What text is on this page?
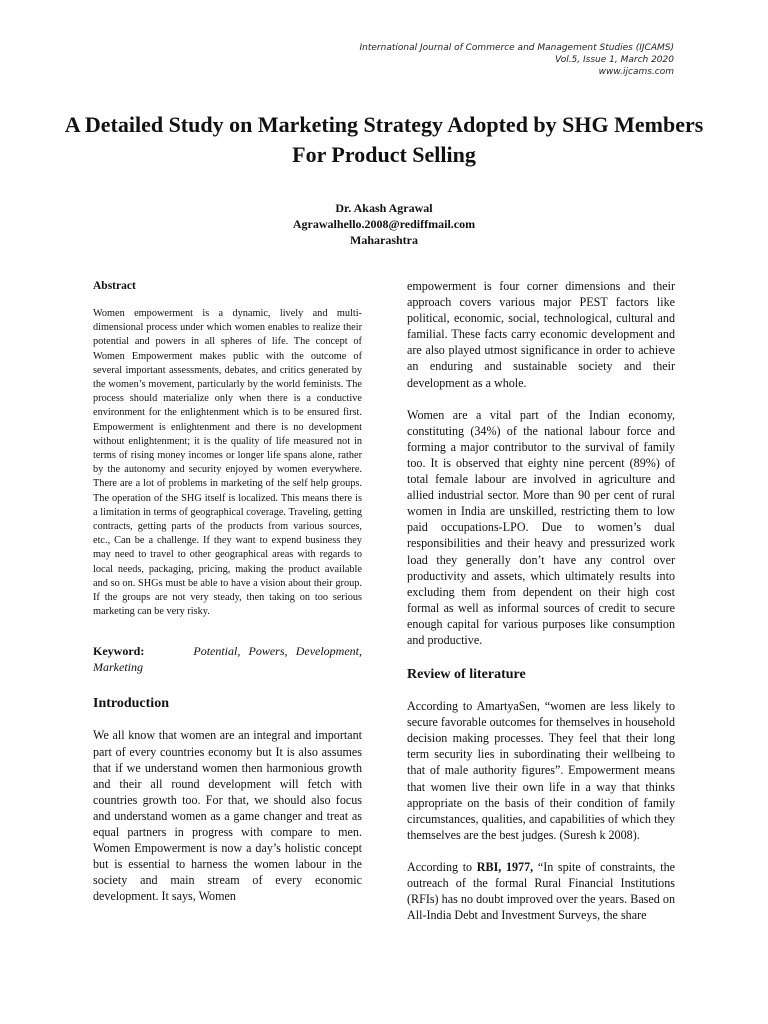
International Journal of Commerce and Management Studies (IJCAMS)
Vol.5, Issue 1, March 2020
www.ijcams.com
A Detailed Study on Marketing Strategy Adopted by SHG Members For Product Selling
Dr. Akash Agrawal
Agrawalhello.2008@rediffmail.com
Maharashtra
Abstract

Women empowerment is a dynamic, lively and multi-dimensional process under which women enables to realize their potential and powers in all spheres of life. The concept of Women Empowerment makes public with the outcome of several important assessments, debates, and critics generated by the women’s movement, particularly by the world feminists. The process should materialize only when there is a conductive environment for the enlightenment which is to be ensured first. Empowerment is enlightenment and there is no development without enlightenment; it is the quality of life measured not in terms of rising money incomes or longer life spans alone, rather by the autonomy and security enjoyed by women everywhere. There are a lot of problems in marketing of the self help groups. The operation of the SHG itself is localized. This means there is a limitation in terms of geographical coverage. Traveling, getting contracts, getting parts of the products from various sources, etc., Can be a challenge. If they want to expend business they may need to travel to other geographical areas with regards to local needs, packaging, pricing, making the product available and so on. SHGs must be able to have a vision about their group. If the groups are not very steady, then taking on too serious marketing can be very risky.

Keyword:	Potential, Powers, Development, Marketing

Introduction

We all know that women are an integral and important part of every countries economy but It is also assumes that if we understand women then harmonious growth and their all round development will fetch with countries growth too. For that, we should also focus and understand women as a game changer and treat as equal partners in progress with compare to men. Women Empowerment is now a day’s holistic concept but is essential to harness the women labour in the society and main stream of every economic development. It says, Women

empowerment is four corner dimensions and their approach covers various major PEST factors like political, economic, social, technological, cultural and familial. These facts carry economic development and are also played utmost significance in order to achieve an enduring and sustainable society and their development as a whole.

Women are a vital part of the Indian economy, constituting (34%) of the national labour force and forming a major contributor to the survival of family too. It is observed that eighty nine percent (89%) of total female labour are involved in agriculture and allied industrial sector. More than 90 per cent of rural women in India are unskilled, restricting them to low paid occupations-LPO. Due to women’s dual responsibilities and their heavy and pressurized work load they generally don’t have any control over productivity and assets, which ultimately results into excluding them from dependent on their high cost formal as well as informal sources of credit to secure enough capital for various purposes like consumption and productive.

Review of literature

According to AmartyaSen, “women are less likely to secure favorable outcomes for themselves in household decision making processes. They feel that their long term security lies in subordinating their wellbeing to that of male authority figures”. Empowerment means that women live their own life in a way that thinks appropriate on the basis of their condition of family circumstances, qualities, and capabilities of which they themselves are the best judges. (Suresh k 2008).

According to RBI, 1977, “In spite of constraints, the outreach of the formal Rural Financial Institutions (RFIs) has no doubt improved over the years. Based on All-India Debt and Investment Surveys, the share
